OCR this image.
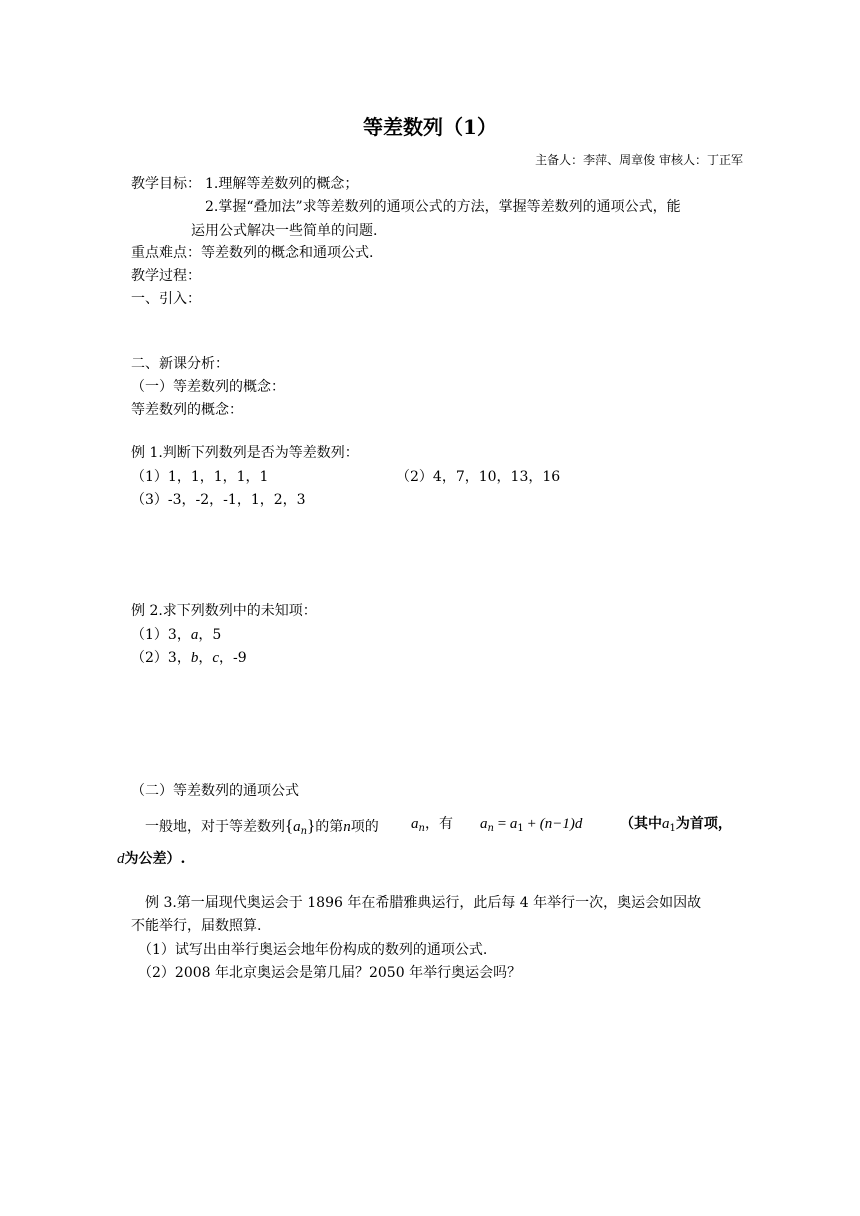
等差数列（1）
主备人：李萍、周章俊 审核人：丁正军
教学目标： 1.理解等差数列的概念；
2.掌握“叠加法”求等差数列的通项公式的方法，掌握等差数列的通项公式，能
运用公式解决一些简单的问题.
重点难点：等差数列的概念和通项公式.
教学过程：
一、引入：
二、新课分析：
（一）等差数列的概念：
等差数列的概念：
例 1.判断下列数列是否为等差数列：
（1）1，1，1，1，1	（2）4，7，10，13，16
（3）-3，-2，-1，1，2，3
例 2.求下列数列中的未知项：
（1）3，a，5
（2）3，b，c，-9
（二）等差数列的通项公式
一般地，对于等差数列$\{a_n\}$的第n项的 $a_n$，有 $a_n = a_1 + (n-1)d$	（其中$a_1$为首项，
d为公差）.
例 3.第一届现代奥运会于 1896 年在希腊雅典运行，此后每 4 年举行一次，奥运会如因故
不能举行，届数照算.
（1）试写出由举行奥运会地年份构成的数列的通项公式.
（2）2008 年北京奥运会是第几届？2050 年举行奥运会吗？
